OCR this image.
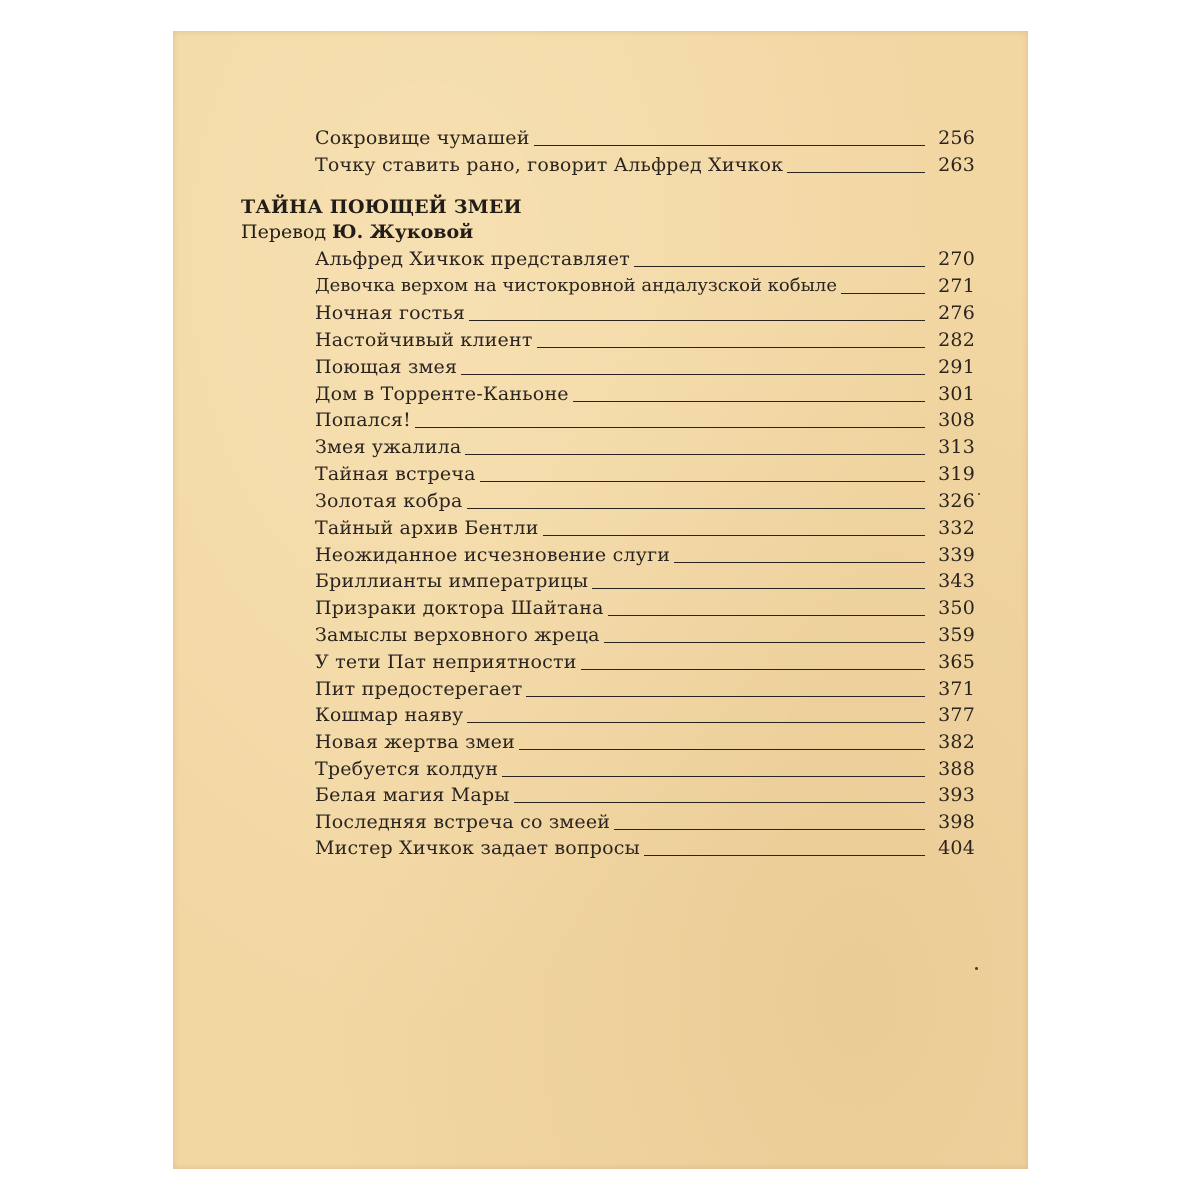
Сокровище чумашей	256
Точку ставить рано, говорит Альфред Хичкок	263
ТАЙНА ПОЮЩЕЙ ЗМЕИ
Перевод Ю. Жуковой
Альфред Хичкок представляет	270
Девочка верхом на чистокровной андалузской кобыле	271
Ночная гостья	276
Настойчивый клиент	282
Поющая змея	291
Дом в Торренте-Каньоне	301
Попался!	308
Змея ужалила	313
Тайная встреча	319
Золотая кобра	326
Тайный архив Бентли	332
Неожиданное исчезновение слуги	339
Бриллианты императрицы	343
Призраки доктора Шайтана	350
Замыслы верховного жреца	359
У тети Пат неприятности	365
Пит предостерегает	371
Кошмар наяву	377
Новая жертва змеи	382
Требуется колдун	388
Белая магия Мары	393
Последняя встреча со змеей	398
Мистер Хичкок задает вопросы	404
